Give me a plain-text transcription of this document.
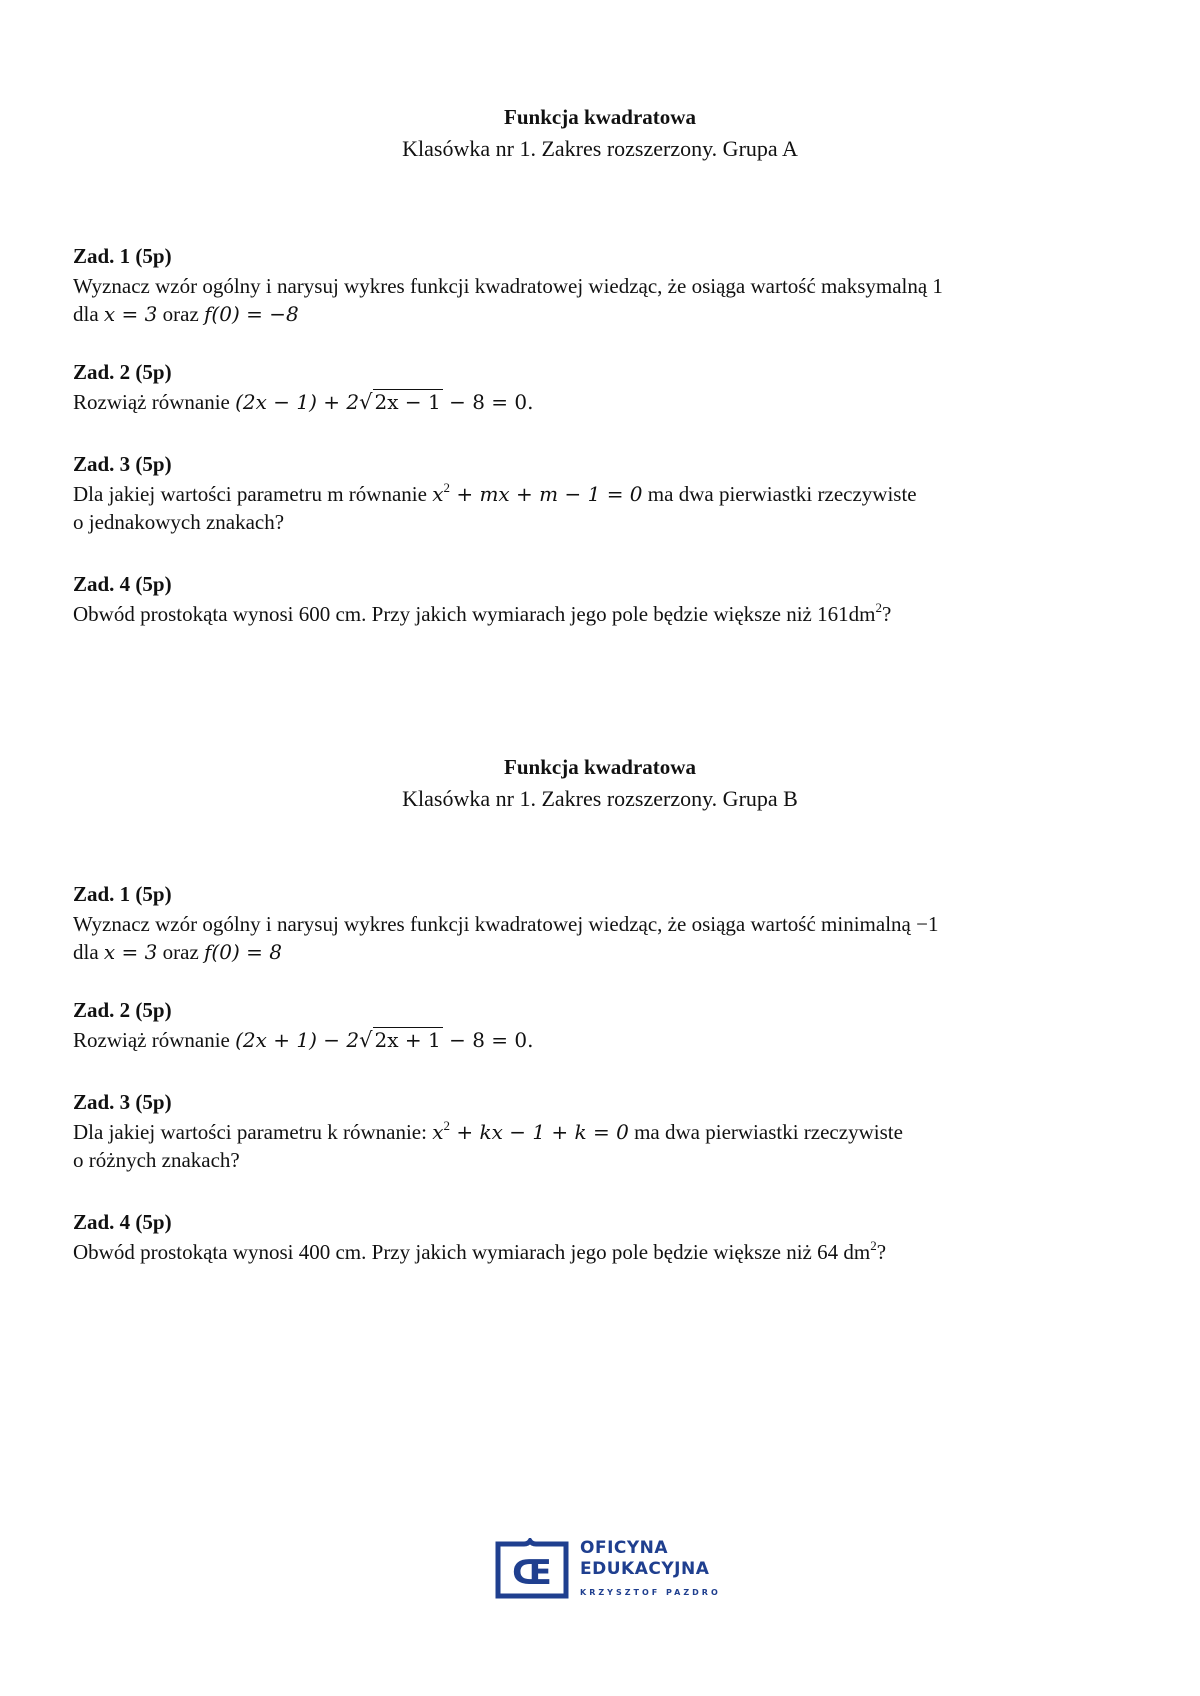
Funkcja kwadratowa
Klasówka nr 1. Zakres rozszerzony. Grupa A
Zad. 1 (5p)
Wyznacz wzór ogólny i narysuj wykres funkcji kwadratowej wiedząc, że osiąga wartość maksymalną 1
dla x = 3 oraz f(0) = −8
Zad. 2 (5p)
Rozwiąż równanie (2x − 1) + 2√ 2x − 1 − 8 = 0.
Zad. 3 (5p)
Dla jakiej wartości parametru m równanie $x^2$ + mx + m − 1 = 0 ma dwa pierwiastki rzeczywiste
o jednakowych znakach?
Zad. 4 (5p)
Obwód prostokąta wynosi 600 cm. Przy jakich wymiarach jego pole będzie większe niż $161dm^2$?
Funkcja kwadratowa
Klasówka nr 1. Zakres rozszerzony. Grupa B
Zad. 1 (5p)
Wyznacz wzór ogólny i narysuj wykres funkcji kwadratowej wiedząc, że osiąga wartość minimalną −1
dla x = 3 oraz f(0) = 8
Zad. 2 (5p)
Rozwiąż równanie (2x + 1) − 2√ 2x + 1 − 8 = 0.
Zad. 3 (5p)
Dla jakiej wartości parametru k równanie: $x^2$ + kx − 1 + k = 0 ma dwa pierwiastki rzeczywiste
o różnych znakach?
Zad. 4 (5p)
Obwód prostokąta wynosi 400 cm. Przy jakich wymiarach jego pole będzie większe niż 64 $dm^2$?
Œ
OFICYNA
EDUKACYJNA
KRZYSZTOF PAZDRO
